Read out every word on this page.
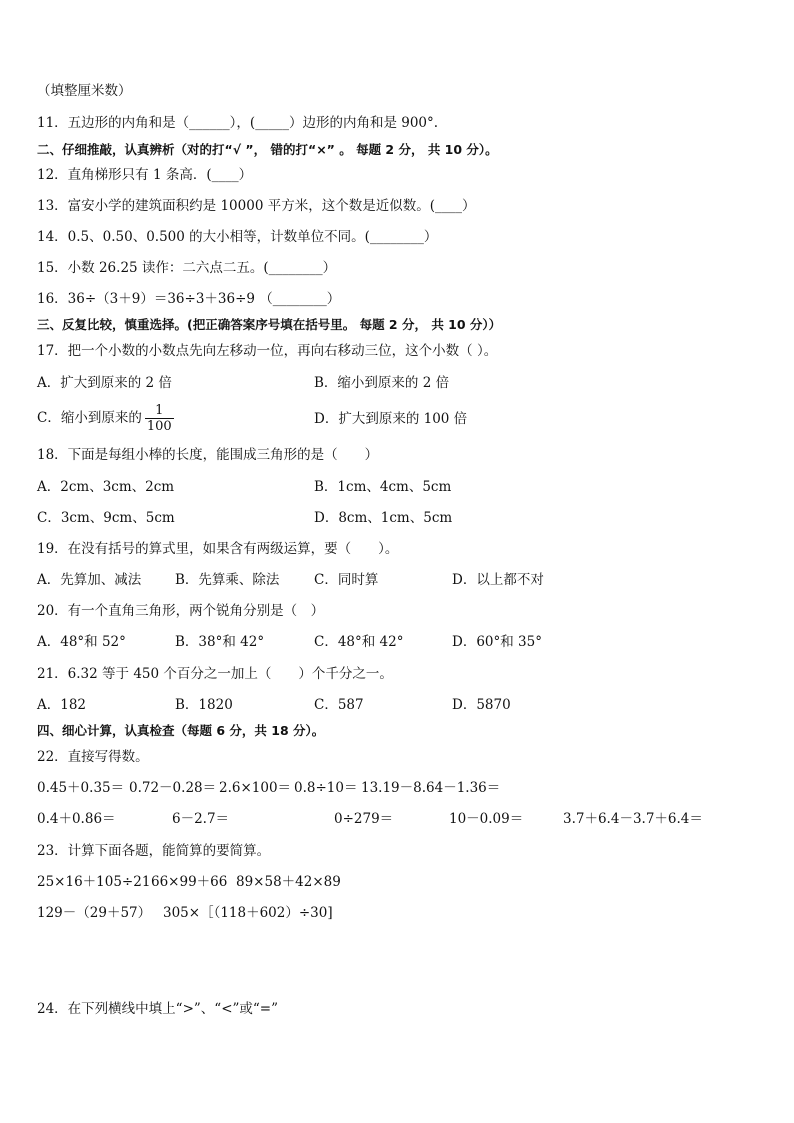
（填整厘米数）
11．五边形的内角和是（______），(_____）边形的内角和是 900°.
二、仔细推敲，认真辨析（对的打“√ ”， 错的打“×” 。 每题 2 分， 共 10 分）。
12．直角梯形只有 1 条高．(____）
13．富安小学的建筑面积约是 10000 平方米，这个数是近似数。(____）
14．0.5、0.50、0.500 的大小相等，计数单位不同。(________）
15．小数 26.25 读作：二六点二五。(________）
16．36÷（3＋9）＝36÷3＋36÷9 （________）
三、反复比较，慎重选择。(把正确答案序号填在括号里。 每题 2 分， 共 10 分））
17．把一个小数的小数点先向左移动一位，再向右移动三位，这个小数（ ）。
A．扩大到原来的 2 倍	B．缩小到原来的 2 倍
C．缩小到原来的 $\frac{1}{100}$	D．扩大到原来的 100 倍
18．下面是每组小棒的长度，能围成三角形的是（　　）
A．2cm、3cm、2cm	B．1cm、4cm、5cm
C．3cm、9cm、5cm	D．8cm、1cm、5cm
19．在没有括号的算式里，如果含有两级运算，要（　　）。
A．先算加、减法	B．先算乘、除法	C．同时算	D．以上都不对
20．有一个直角三角形，两个锐角分别是（　）
A．48°和 52°	B．38°和 42°	C．48°和 42°	D．60°和 35°
21．6.32 等于 450 个百分之一加上（　　）个千分之一。
A．182	B．1820	C．587	D．5870
四、细心计算，认真检查（每题 6 分，共 18 分）。
22．直接写得数。
0.45＋0.35＝ 0.72－0.28＝ 2.6×100＝ 0.8÷10＝ 13.19－8.64－1.36＝
0.4＋0.86＝	6－2.7＝	0÷279＝	10－0.09＝	3.7＋6.4－3.7＋6.4＝
23．计算下面各题，能简算的要简算。
25×16＋105÷21 66×99＋66 89×58＋42×89
129－（29＋57） 305×［（118＋602）÷30]
24．在下列横线中填上“>”、“<”或“=”
